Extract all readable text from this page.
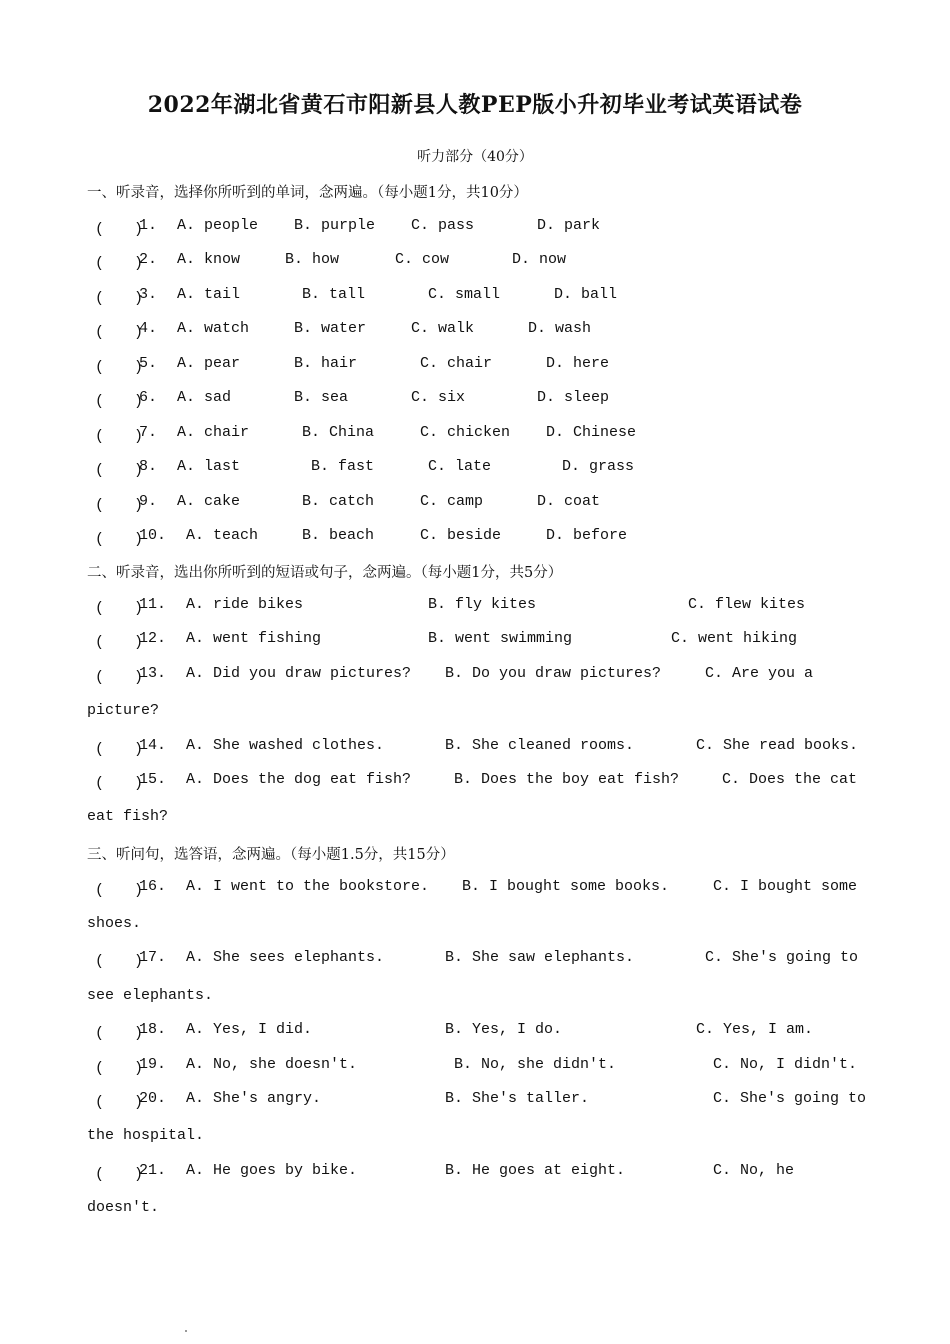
2022年湖北省黄石市阳新县人教PEP版小升初毕业考试英语试卷
听力部分（40分）
一、听录音，选择你所听到的单词，念两遍。（每小题1分，共10分）
(　　)
1. A. people B. purple C. pass	D. park
(　　)
2. A. know	B. how	C. cow	D. now
(　　)
3. A. tail	B. tall	C. small	D. ball
(　　)
4. A. watch	B. water	C. walk	D. wash
(　　)
5. A. pear	B. hair	C. chair	D. here
(　　)
6. A. sad	B. sea	C. six	D. sleep
(　　)
7. A. chair	B. China	C. chicken D. Chinese
(　　)
8. A. last	B. fast	C. late	D. grass
(　　)
9. A. cake	B. catch	C. camp	D. coat
(　　)
10. A. teach	B. beach	C. beside	D. before
二、听录音，选出你所听到的短语或句子，念两遍。（每小题1分，共5分）
(　　)
11. A. ride bikes	B. fly kites	C. flew kites
(　　)
12. A. went fishing	B. went swimming	C. went hiking
(　　)
13. A. Did you draw pictures? B. Do you draw pictures?	C. Are you a
picture?
(　　)
14. A. She washed clothes.	B. She cleaned rooms.	C. She read books.
(　　)
15. A. Does the dog eat fish?	B. Does the boy eat fish?	C. Does the cat
eat fish?
三、听问句，选答语，念两遍。（每小题1.5分，共15分）
(　　)
16. A. I went to the bookstore. B. I bought some books.	C. I bought some
shoes.
(　　)
17. A. She sees elephants.	B. She saw elephants.	C. She's going to
see elephants.
(　　)
18. A. Yes, I did.	B. Yes, I do.	C. Yes, I am.
(　　)
19. A. No, she doesn't.	B. No, she didn't.	C. No, I didn't.
(　　)
20. A. She's angry.	B. She's taller.	C. She's going to
the hospital.
(　　)
21. A. He goes by bike.	B. He goes at eight.	C. No, he
doesn't.
